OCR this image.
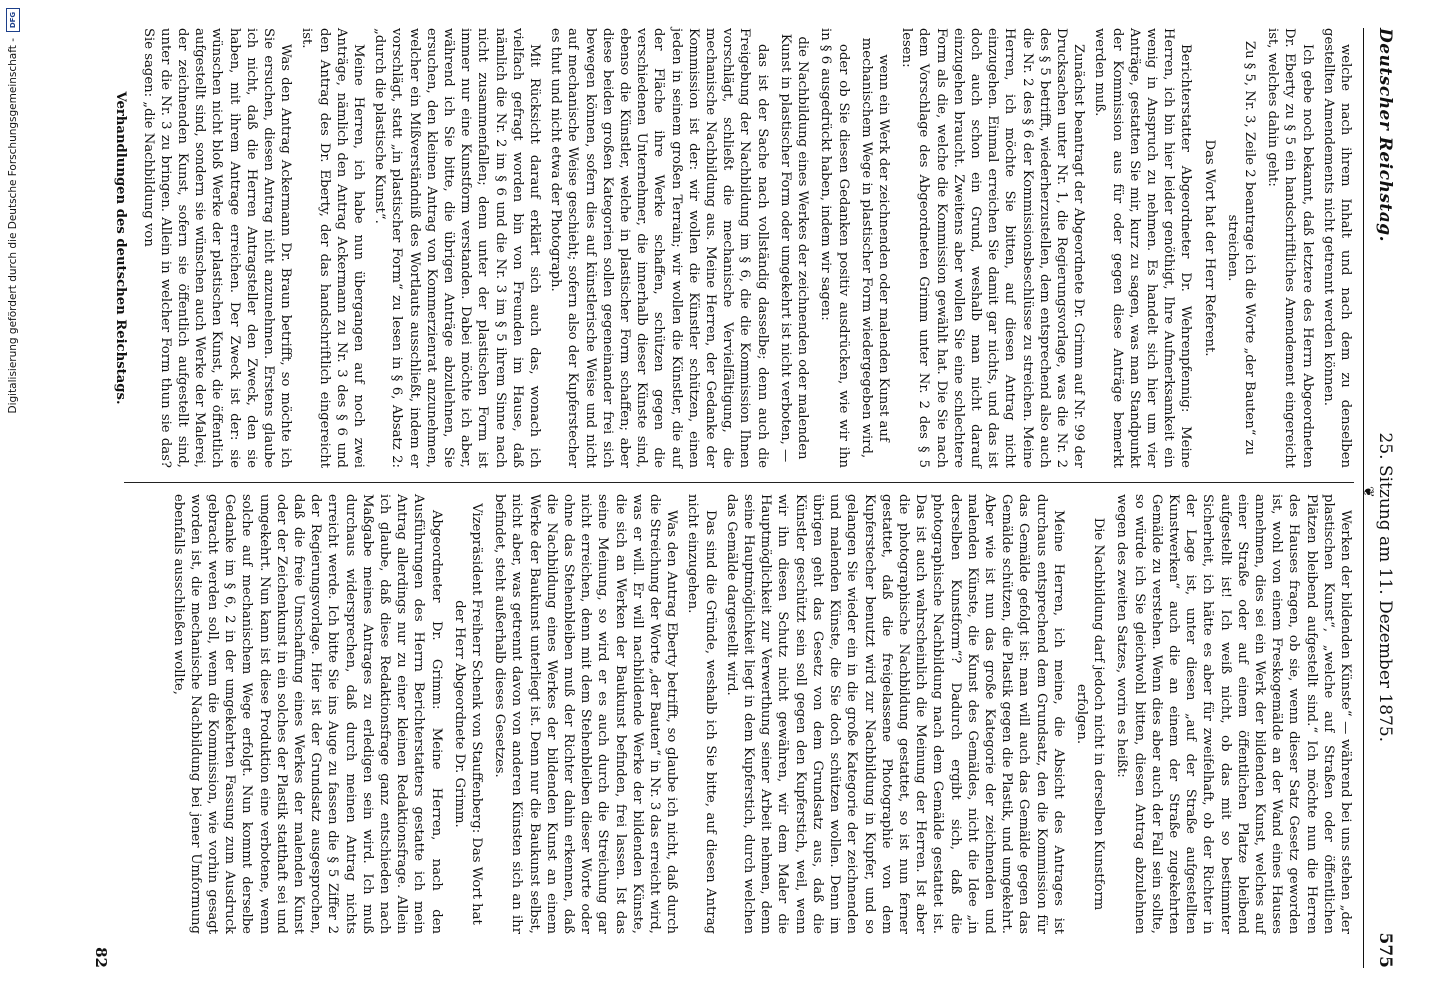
Digitalisierung gefördert durch die Deutsche Forschungsgemeinschaft -
DFG
Deutscher Reichstag.
25. Sitzung am 11. Dezember 1875.
575

welche nach ihrem Inhalt und nach dem zu denselben gestellten Amendements nicht getrennt werden können.

Ich gebe noch bekannt, daß letztere des Herrn Abgeordneten Dr. Eberty zu § 5 ein handschriftliches Amendement eingereicht ist, welches dahin geht:

Zu § 5, Nr. 3, Zeile 2 beantrage ich die Worte „der Bauten“ zu streichen.

Das Wort hat der Herr Referent.

Berichterstatter Abgeordneter Dr. Wehrenpfennig: Meine Herren, ich bin hier leider genöthigt, Ihre Aufmerksamkeit ein wenig in Anspruch zu nehmen. Es handelt sich hier um vier Anträge, gestatten Sie mir, kurz zu sagen, was man Standpunkt der Kommission aus für oder gegen diese Anträge bemerkt werden muß.

Zunächst beantragt der Abgeordnete Dr. Grimm auf Nr. 99 der Drucksachen unter Nr. 1, die Regierungsvorlage, was die Nr. 2 des § 5 betrifft, wiederherzustellen, dem entsprechend also auch die Nr. 2 des § 6 der Kommissionsbeschlüsse zu streichen. Meine Herren, ich möchte Sie bitten, auf diesen Antrag nicht einzugehen. Einmal erreichen Sie damit gar nichts, und das ist doch auch schon ein Grund, weshalb man nicht darauf einzugehen braucht. Zweitens aber wollen Sie eine schlechtere Form als die, welche die Kommission gewählt hat. Die Sie nach dem Vorschlage des Abgeordneten Grimm unter Nr. 2 des § 5 lesen:

wenn ein Werk der zeichnenden oder malenden Kunst auf mechanischem Wege in plastischer Form wiedergegeben wird,

oder ob Sie diesen Gedanken positiv ausdrücken, wie wir ihn in § 6 ausgedrückt haben, indem wir sagen:

die Nachbildung eines Werkes der zeichnenden oder malenden Kunst in plastischer Form oder umgekehrt ist nicht verboten, —

das ist der Sache nach vollständig dasselbe; denn auch die Freigebung der Nachbildung im § 6, die die Kommission Ihnen vorschlägt, schließt die mechanische Vervielfältigung, die mechanische Nachbildung aus. Meine Herren, der Gedanke der Kommission ist der: wir wollen die Künstler schützen, einen jeden in seinem großen Terrain; wir wollen die Künstler, die auf der Fläche ihre Werke schaffen, schützen gegen die verschiedenen Unternehmer, die innerhalb dieser Künste sind, ebenso die Künstler, welche in plastischer Form schaffen; aber diese beiden großen Kategorien sollen gegeneinander frei sich bewegen können, sofern dies auf künstlerische Weise und nicht auf mechanische Weise geschieht; sofern also der Kupferstecher es thut und nicht etwa der Photograph.

Mit Rücksicht darauf erklärt sich auch das, wonach ich vielfach gefragt worden bin von Freunden im Hause, daß nämlich die Nr. 2 im § 6 und die Nr. 3 im § 5 ihrem Sinne nach nicht zusammenfallen; denn unter der plastischen Form ist immer nur eine Kunstform verstanden. Dabei möchte ich aber, während ich Sie bitte, die übrigen Anträge abzulehnen, Sie ersuchen, den kleinen Antrag von Kommerzienrat anzunehmen, welcher ein Mißverständniß des Wortlauts ausschließt, indem er vorschlägt, statt „in plastischer Form“ zu lesen in § 6, Absatz 2: „durch die plastische Kunst“.

Meine Herren, ich habe nun übergangen auf noch zwei Anträge, nämlich den Antrag Ackermann zu Nr. 3 des § 6 und den Antrag des Dr. Eberty, der das handschriftlich eingereicht ist.

Was den Antrag Ackermann Dr. Braun betrifft, so möchte ich Sie ersuchen, diesen Antrag nicht anzunehmen. Erstens glaube ich nicht, daß die Herren Antragsteller den Zweck, den sie haben, mit ihrem Antrage erreichen. Der Zweck ist der: sie wünschen nicht bloß Werke der plastischen Kunst, die öffentlich aufgestellt sind, sondern sie wünschen auch Werke der Malerei, der zeichnenden Kunst, sofern sie öffentlich aufgestellt sind, unter die Nr. 3 zu bringen. Allein in welcher Form thun sie das? Sie sagen: „die Nachbildung von

Verhandlungen des deutschen Reichstags.

❦

Werken der bildenden Künste“ — während bei uns stehen „der plastischen Kunst“, „welche auf Straßen oder öffentlichen Plätzen bleibend aufgestellt sind.“ Ich möchte nun die Herren des Hauses fragen, ob sie, wenn dieser Satz Gesetz geworden ist, wohl von einem Freskogemälde an der Wand eines Hauses annehmen, dies sei ein Werk der bildenden Kunst, welches auf einer Straße oder auf einem öffentlichen Platze bleibend aufgestellt ist! Ich weiß nicht, ob das mit so bestimmter Sicherheit, ich hätte es aber für zweifelhaft, ob der Richter in der Lage ist, unter diesen „auf der Straße aufgestellten Kunstwerken“ auch die an einem der Straße zugekehrten Gemälde zu verstehen. Wenn dies aber auch der Fall sein sollte, so würde ich Sie gleichwohl bitten, diesen Antrag abzulehnen wegen des zweiten Satzes, worin es heißt:

Die Nachbildung darf jedoch nicht in derselben Kunstform erfolgen.

Meine Herren, ich meine, die Absicht des Antrages ist durchaus entsprechend dem Grundsatz, den die Kommission für das Gemälde gefolgt ist: man will auch das Gemälde gegen das Gemälde schützen, die Plastik gegen die Plastik, und umgekehrt. Aber wie ist nun das große Kategorie der zeichnenden und malenden Künste, die Kunst des Gemäldes, nicht die Idee „in derselben Kunstform“? Dadurch ergibt sich, daß die photographische Nachbildung nach dem Gemälde gestattet ist. Das ist auch wahrscheinlich die Meinung der Herren. Ist aber die photographische Nachbildung gestattet, so ist nun ferner gestattet, daß die freigelassene Photographie von dem Kupferstecher benutzt wird zur Nachbildung in Kupfer, und so gelangen Sie wieder ein in die große Kategorie der zeichnenden und malenden Künste, die Sie doch schützen wollen. Denn im übrigen geht das Gesetz von dem Grundsatz aus, daß die Künstler geschützt sein soll gegen den Kupferstich, weil, wenn wir ihn diesen Schutz nicht gewähren, wir dem Maler die Hauptmöglichkeit zur Verwerthung seiner Arbeit nehmen, denn seine Hauptmöglichkeit liegt in dem Kupferstich, durch welchen das Gemälde dargestellt wird.

Das sind die Gründe, weshalb ich Sie bitte, auf diesen Antrag nicht einzugehen.

Was den Antrag Eberty betrifft, so glaube ich nicht, daß durch die Streichung der Worte „der Bauten“ in Nr. 3 das erreicht wird, was er will. Er will nachbildende Werke der bildenden Künste, die sich an Werken der Baukunst befinden, frei lassen. Ist das seine Meinung, so wird er es auch durch die Streichung gar nicht erreichen, denn mit dem Stehenbleiben dieser Worte oder ohne das Stehenbleiben muß der Richter dahin erkennen, daß die Nachbildung eines Werkes der bildenden Kunst an einem Werke der Baukunst unterliegt ist. Denn nur die Baukunst selbst, nicht aber, was getrennt davon von anderen Künsten sich an ihr befindet, steht außerhalb dieses Gesetzes.

Vizepräsident Freiherr Schenk von Stauffenberg: Das Wort hat der Herr Abgeordnete Dr. Grimm.

Abgeordneter Dr. Grimm: Meine Herren, nach den Ausführungen des Herrn Berichterstatters gestatte ich mein Antrag allerdings nur zu einer kleinen Redaktionsfrage. Allein ich glaube, daß diese Redaktionsfrage ganz entschieden nach Maßgabe meines Antrages zu erledigen sein wird. Ich muß durchaus widersprechen, daß durch meinen Antrag nichts erreicht werde. Ich bitte Sie ins Auge zu fassen die § 5 Ziffer 2 der Regierungsvorlage. Hier ist der Grundsatz ausgesprochen, daß die freie Umschaffung eines Werkes der malenden Kunst oder der Zeichenkunst in ein solches der Plastik statthaft sei und umgekehrt. Nun kann ist diese Produktion eine verbotene, wenn solche auf mechanischem Wege erfolgt. Nun kommt derselbe Gedanke im § 6, 2 in der umgekehrten Fassung zum Ausdruck gebracht werden soll, wenn die Kommission, wie vorhin gesagt worden ist, die mechanische Nachbildung bei jener Umformung ebenfalls ausschließen wollte,

82
